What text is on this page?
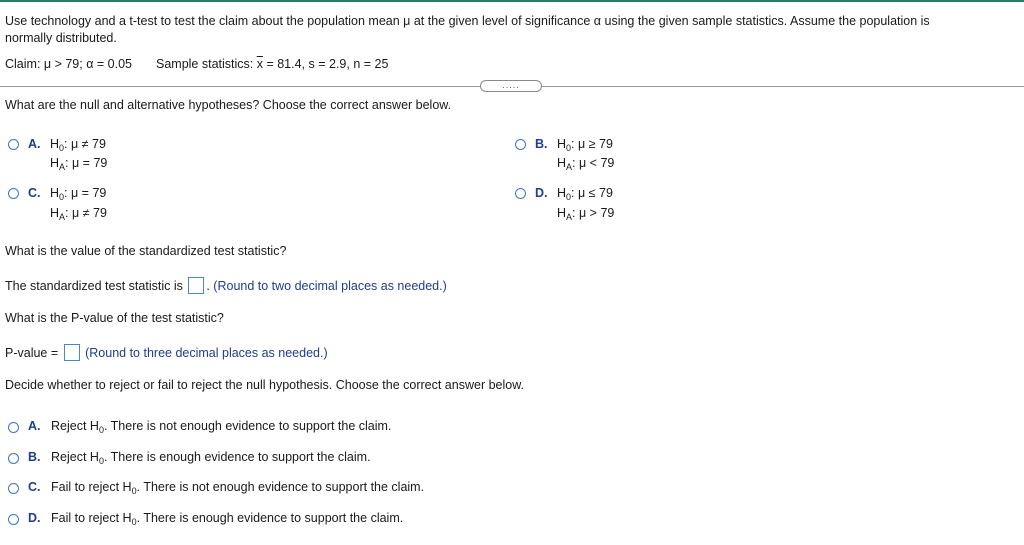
Use technology and a t-test to test the claim about the population mean μ at the given level of significance α using the given sample statistics. Assume the population is
normally distributed.
Claim: μ > 79; α = 0.05 Sample statistics: $\overline{x} = 81.4$, s = 2.9, n = 25
.....
What are the null and alternative hypotheses? Choose the correct answer below.
A. $H_0$: μ ≠ 79
$H_A$: μ = 79
B. $H_0$: μ ≥ 79
$H_A$: μ < 79
C. $H_0$: μ = 79
$H_A$: μ ≠ 79
D. $H_0$: μ ≤ 79
$H_A$: μ > 79
What is the value of the standardized test statistic?
The standardized test statistic is . (Round to two decimal places as needed.)
What is the P-value of the test statistic?
P-value =  (Round to three decimal places as needed.)
Decide whether to reject or fail to reject the null hypothesis. Choose the correct answer below.
A. Reject $H_0$. There is not enough evidence to support the claim.
B. Reject $H_0$. There is enough evidence to support the claim.
C. Fail to reject $H_0$. There is not enough evidence to support the claim.
D. Fail to reject $H_0$. There is enough evidence to support the claim.
